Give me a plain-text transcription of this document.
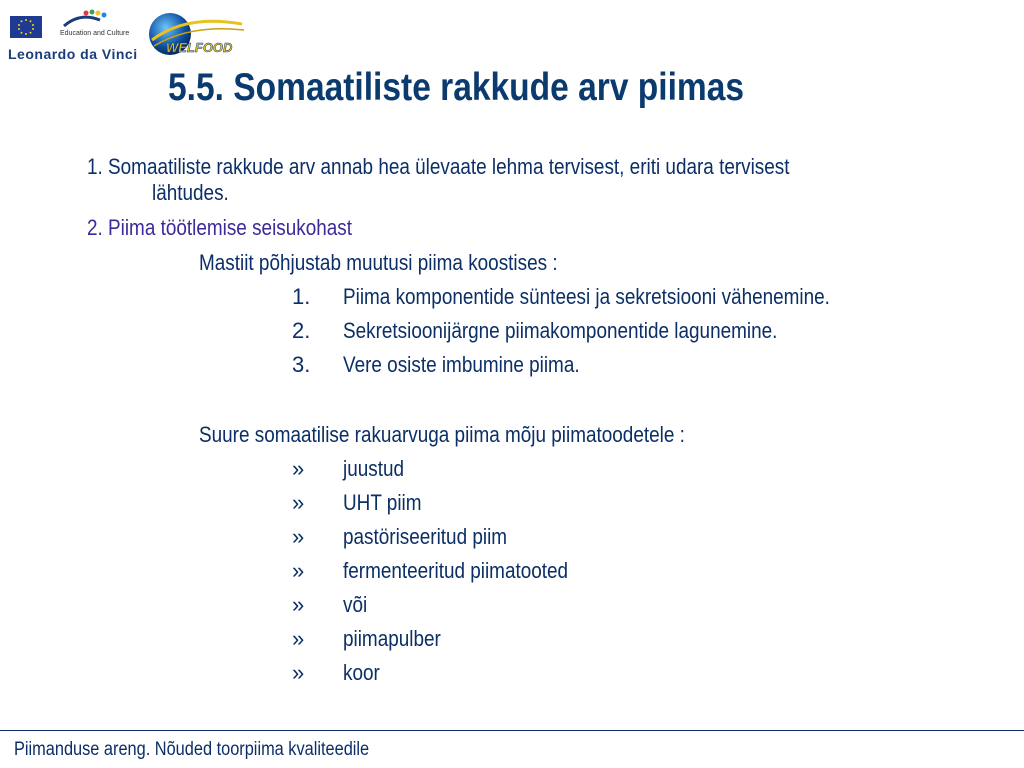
Education and Culture
Leonardo da Vinci WELFOOD
5.5. Somaatiliste rakkude arv piimas
1. Somaatiliste rakkude arv annab hea ülevaate lehma tervisest, eriti udara tervisest
lähtudes.
2. Piima töötlemise seisukohast
Mastiit põhjustab muutusi piima koostises :
1. Piima komponentide sünteesi ja sekretsiooni vähenemine.
2. Sekretsioonijärgne piimakomponentide lagunemine.
3. Vere osiste imbumine piima.
Suure somaatilise rakuarvuga piima mõju piimatoodetele :
» juustud
» UHT piim
» pastöriseeritud piim
» fermenteeritud piimatooted
» või
» piimapulber
» koor
Piimanduse areng. Nõuded toorpiima kvaliteedile
